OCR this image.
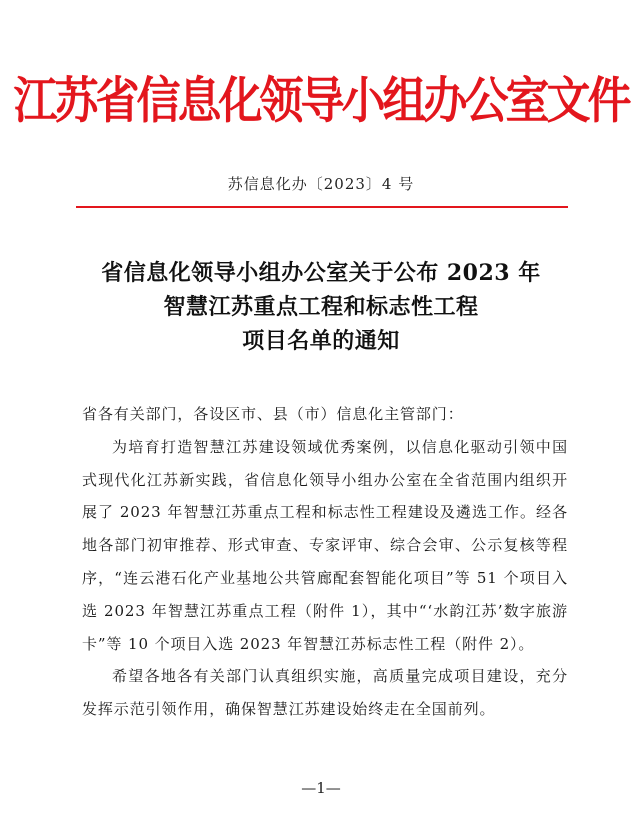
江苏省信息化领导小组办公室文件
苏信息化办〔2023〕4 号
省信息化领导小组办公室关于公布 2023 年
智慧江苏重点工程和标志性工程
项目名单的通知

省各有关部门，各设区市、县（市）信息化主管部门：

为培育打造智慧江苏建设领域优秀案例，以信息化驱动引领中国式现代化江苏新实践，省信息化领导小组办公室在全省范围内组织开展了 2023 年智慧江苏重点工程和标志性工程建设及遴选工作。经各地各部门初审推荐、形式审查、专家评审、综合会审、公示复核等程序，“连云港石化产业基地公共管廊配套智能化项目”等 51 个项目入选 2023 年智慧江苏重点工程（附件 1），其中“‘水韵江苏’数字旅游卡”等 10 个项目入选 2023 年智慧江苏标志性工程（附件 2）。

希望各地各有关部门认真组织实施，高质量完成项目建设，充分发挥示范引领作用，确保智慧江苏建设始终走在全国前列。

—1—
